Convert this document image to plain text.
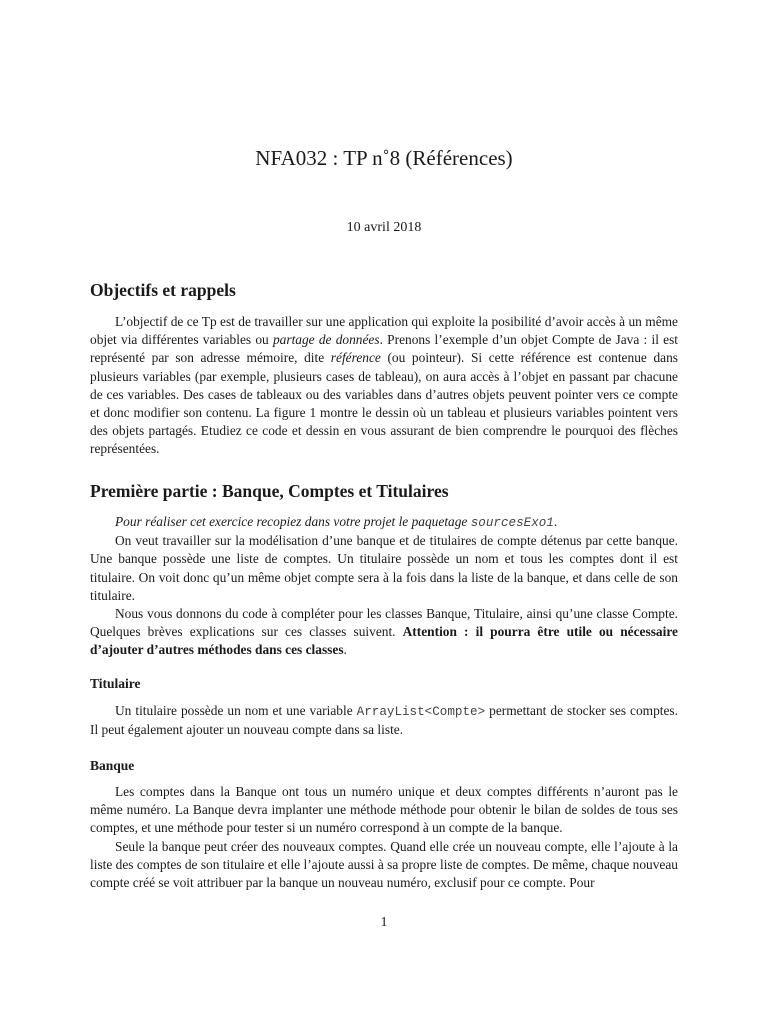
NFA032 : TP n˚8 (Références)
10 avril 2018
Objectifs et rappels

L’objectif de ce Tp est de travailler sur une application qui exploite la posibilité d’avoir accès à un même objet via différentes variables ou partage de données. Prenons l’exemple d’un objet Compte de Java : il est représenté par son adresse mémoire, dite référence (ou pointeur). Si cette référence est contenue dans plusieurs variables (par exemple, plusieurs cases de tableau), on aura accès à l’objet en passant par chacune de ces variables. Des cases de tableaux ou des variables dans d’autres objets peuvent pointer vers ce compte et donc modifier son contenu. La figure 1 montre le dessin où un tableau et plusieurs variables pointent vers des objets partagés. Etudiez ce code et dessin en vous assurant de bien comprendre le pourquoi des flèches représentées.

Première partie : Banque, Comptes et Titulaires

Pour réaliser cet exercice recopiez dans votre projet le paquetage sourcesExo1.

On veut travailler sur la modélisation d’une banque et de titulaires de compte détenus par cette banque. Une banque possède une liste de comptes. Un titulaire possède un nom et tous les comptes dont il est titulaire. On voit donc qu’un même objet compte sera à la fois dans la liste de la banque, et dans celle de son titulaire.

Nous vous donnons du code à compléter pour les classes Banque, Titulaire, ainsi qu’une classe Compte. Quelques brèves explications sur ces classes suivent. Attention : il pourra être utile ou nécessaire d’ajouter d’autres méthodes dans ces classes.

Titulaire

Un titulaire possède un nom et une variable ArrayList<Compte> permettant de stocker ses comptes. Il peut également ajouter un nouveau compte dans sa liste.

Banque

Les comptes dans la Banque ont tous un numéro unique et deux comptes différents n’auront pas le même numéro. La Banque devra implanter une méthode méthode pour obtenir le bilan de soldes de tous ses comptes, et une méthode pour tester si un numéro correspond à un compte de la banque.

Seule la banque peut créer des nouveaux comptes. Quand elle crée un nouveau compte, elle l’ajoute à la liste des comptes de son titulaire et elle l’ajoute aussi à sa propre liste de comptes. De même, chaque nouveau compte créé se voit attribuer par la banque un nouveau numéro, exclusif pour ce compte. Pour

1
